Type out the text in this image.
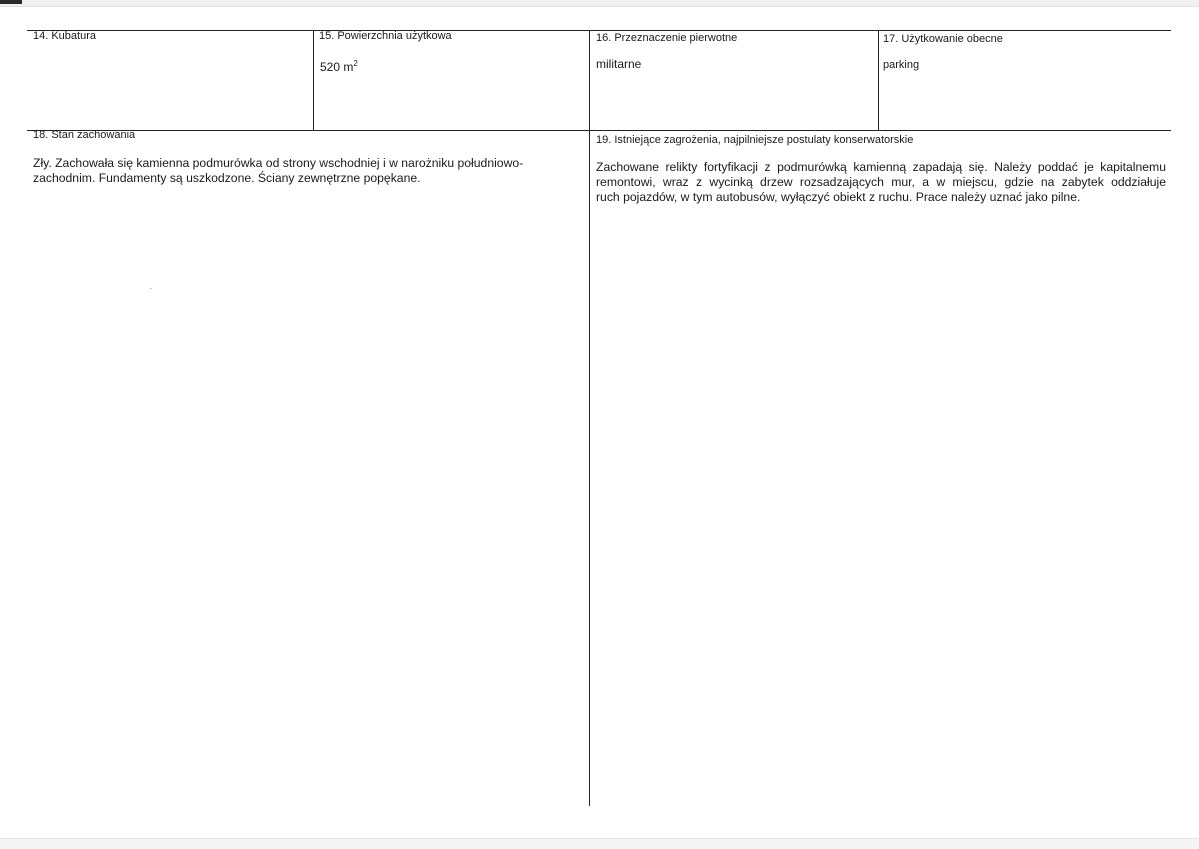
14. Kubatura	15. Powierzchnia użytkowa
520 $m^2$
16. Przeznaczenie pierwotne
militarne
17. Użytkowanie obecne
parking
18. Stan zachowania
Zły. Zachowała się kamienna podmurówka od strony wschodniej i w narożniku południowo-
zachodnim. Fundamenty są uszkodzone. Ściany zewnętrzne popękane.
19. Istniejące zagrożenia, najpilniejsze postulaty konserwatorskie
Zachowane relikty fortyfikacji z podmurówką kamienną zapadają się. Należy poddać je kapitalnemu
remontowi, wraz z wycinką drzew rozsadzających mur, a w miejscu, gdzie na zabytek oddziałuje
ruch pojazdów, w tym autobusów, wyłączyć obiekt z ruchu. Prace należy uznać jako pilne.
